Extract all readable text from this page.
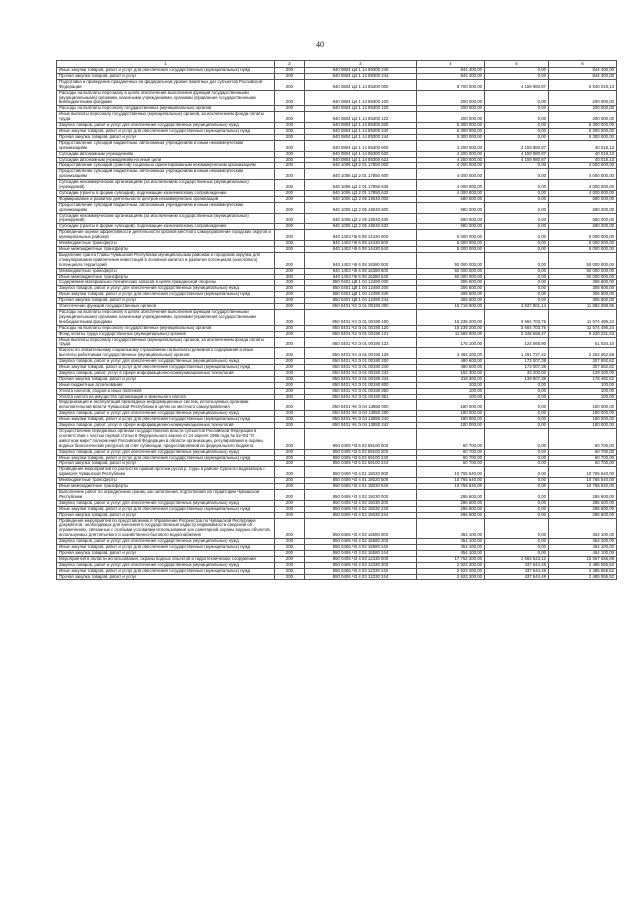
40
1	2	3	4	5	6
Иные закупки товаров, работ и услуг для обеспечения государственных (муниципальных) нужд	200	840 0804 Ц4 1 14 59300 240	844 400,00	0,00	844 400,00
Прочая закупка товаров, работ и услуг	200	840 0804 Ц4 1 14 59300 244	844 400,00	0,00	844 400,00
Подготовка и проведение праздничных на федеральном уровне памятных дат субъектов Российской Федерации	200	840 0804 Ц4 1 14 85300 000	9 700 000,00	4 159 980,87	5 540 019,13
Расходы на выплаты персоналу в целях обеспечения выполнения функций государственными (муниципальными) органами, казенными учреждениями, органами управления государственными внебюджетными фондами	200	840 0804 Ц4 1 14 85300 100	200 000,00	0,00	200 000,00
Расходы на выплаты персоналу государственных (муниципальных) органов	200	840 0804 Ц4 1 14 85300 120	200 000,00	0,00	200 000,00
Иные выплаты персоналу государственных (муниципальных) органов, за исключением фонда оплаты труда	200	840 0804 Ц4 1 14 85300 122	200 000,00	0,00	200 000,00
Закупка товаров, работ и услуг для обеспечения государственных (муниципальных) нужд	200	840 0804 Ц4 1 14 85300 200	5 300 000,00	0,00	5 300 000,00
Иные закупки товаров, работ и услуг для обеспечения государственных (муниципальных) нужд	200	840 0804 Ц4 1 14 85300 240	5 300 000,00	0,00	5 300 000,00
Прочая закупка товаров, работ и услуг	200	840 0804 Ц4 1 14 85300 244	5 300 000,00	0,00	5 300 000,00
Предоставление субсидий бюджетным, автономным учреждениям и иным некоммерческим организациям	200	840 0804 Ц4 1 14 85300 600	4 200 000,00	4 159 980,87	40 019,13
Субсидии автономным учреждениям	200	840 0804 Ц4 1 14 85300 620	4 200 000,00	4 159 980,87	40 019,13
Субсидии автономным учреждениям на иные цели	200	840 0804 Ц4 1 14 85300 622	4 200 000,00	4 159 980,87	40 019,13
Предоставление субсидий (грантов) социально ориентированным некоммерческим организациям	200	840 1006 Ц3 2 01 17850 000	4 000 000,00	0,00	4 000 000,00
Предоставление субсидий бюджетным, автономным учреждениям и иным некоммерческим организациям	200	840 1006 Ц3 2 01 17850 600	4 000 000,00	0,00	4 000 000,00
Субсидии некоммерческим организациям (за исключением государственных (муниципальных) учреждений)	200	840 1006 Ц3 2 01 17850 630	4 000 000,00	0,00	4 000 000,00
Субсидии (гранты в форме субсидий), подлежащие казначейскому сопровождению	200	840 1006 Ц3 2 01 17850 632	4 000 000,00	0,00	4 000 000,00
Формирование и развитие деятельности центров некоммерческих организаций	200	840 1006 Ц3 2 05 19040 000	680 000,00	0,00	680 000,00
Предоставление субсидий бюджетным, автономным учреждениям и иным некоммерческим организациям	200	840 1006 Ц3 2 05 19040 600	680 000,00	0,00	680 000,00
Субсидии некоммерческим организациям (за исключением государственных (муниципальных) учреждений)	200	840 1006 Ц3 2 05 19040 630	680 000,00	0,00	680 000,00
Субсидии (гранты в форме субсидий), подлежащие казначейскому сопровождению	200	840 1006 Ц3 2 05 19040 632	680 000,00	0,00	680 000,00
Проведение оценки эффективности деятельности органов местного самоуправления городских округов и муниципальных районов	200	840 1403 Ч5 6 08 14430 000	5 000 000,00	0,00	5 000 000,00
Межбюджетные трансферты	200	840 1403 Ч5 6 08 14430 500	5 000 000,00	0,00	5 000 000,00
Иные межбюджетные трансферты	200	840 1403 Ч5 6 08 14430 540	5 000 000,00	0,00	5 000 000,00
Выделение гранта Главы Чувашской Республики муниципальным районам и городским округам для стимулирования привлечения инвестиций в основной капитал и развития потенциала (налогового) потенциала территорий	200	840 1403 Ч5 6 08 16380 000	50 000 000,00	0,00	50 000 000,00
Межбюджетные трансферты	200	840 1403 Ч5 6 08 16380 500	50 000 000,00	0,00	50 000 000,00
Иные межбюджетные трансферты	200	840 1403 Ч5 6 08 16380 540	50 000 000,00	0,00	50 000 000,00
Содержание материально-технических запасов в целях гражданской обороны	200	850 0401 Ц8 1 04 12490 000	306 600,00	0,00	306 600,00
Закупка товаров, работ и услуг для обеспечения государственных (муниципальных) нужд	200	850 0401 Ц8 1 04 12490 200	306 600,00	0,00	306 600,00
Иные закупки товаров, работ и услуг для обеспечения государственных (муниципальных) нужд	200	850 0401 Ц8 1 04 12490 240	306 600,00	0,00	306 600,00
Прочая закупка товаров, работ и услуг	200	850 0401 Ц8 1 04 12490 244	306 600,00	0,00	306 600,00
Обеспечение функций государственных органов	200	850 0401 Ч3 Э 01 00190 000	15 719 900,00	3 837 801,14	11 882 098,86
Расходы на выплаты персоналу в целях обеспечения выполнения функций государственными (муниципальными) органами, казенными учреждениями, органами управления государственными внебюджетными фондами	200	850 0401 Ч3 Э 01 00190 100	15 239 200,00	3 664 703,76	11 574 496,24
Расходы на выплаты персоналу государственных (муниципальных) органов	200	850 0401 Ч3 Э 01 00190 120	15 239 200,00	3 664 703,76	11 574 496,24
Фонд оплаты труда государственных (муниципальных) органов	200	850 0401 Ч3 Э 01 00190 121	11 569 900,00	2 348 668,47	9 220 231,53
Иные выплаты персоналу государственных (муниципальных) органов, за исключением фонда оплаты труда	200	850 0401 Ч3 Э 01 00190 122	175 100,00	124 065,90	51 034,10
Взносы по обязательному социальному страхованию на выплаты денежного содержания и иные выплаты работникам государственных (муниципальных) органов	200	850 0401 Ч3 Э 01 00190 129	3 494 200,00	1 291 737,42	2 202 462,58
Закупка товаров, работ и услуг для обеспечения государственных (муниципальных) нужд	200	850 0401 Ч3 Э 01 00190 200	480 600,00	173 007,38	307 592,62
Иные закупки товаров, работ и услуг для обеспечения государственных (муниципальных) нужд	200	850 0401 Ч3 Э 01 00190 240	480 600,00	173 007,38	307 592,62
Закупка товаров, работ, услуг в сфере информационно-коммуникационных технологий	200	850 0401 Ч3 Э 01 00190 242	162 300,00	33 200,00	129 100,00
Прочая закупка товаров, работ и услуг	200	850 0401 Ч3 Э 01 00190 244	318 300,00	139 807,38	178 492,62
Иные бюджетные ассигнования	200	850 0401 Ч3 Э 01 00190 800	100,00	0,00	100,00
Уплата налогов, сборов и иных платежей	200	850 0401 Ч3 Э 01 00190 850	100,00	0,00	100,00
Уплата налога на имущество организаций и земельного налога	200	850 0401 Ч3 Э 01 00190 851	100,00	0,00	100,00
Модернизация и эксплуатация прикладных информационных систем, используемых органами исполнительной власти Чувашской Республики в целях их местного самоуправления	200	850 0401 Ч6 Э 04 13850 000	180 000,00	0,00	180 000,00
Закупка товаров, работ и услуг для обеспечения государственных (муниципальных) нужд	200	850 0401 Ч6 Э 04 13850 200	180 000,00	0,00	180 000,00
Иные закупки товаров, работ и услуг для обеспечения государственных (муниципальных) нужд	200	850 0401 Ч6 Э 04 13850 240	180 000,00	0,00	180 000,00
Закупка товаров, работ, услуг в сфере информационно-коммуникационных технологий	200	850 0401 Ч6 Э 04 13850 242	180 000,00	0,00	180 000,00
Осуществление переданных органам государственной власти субъектов Российской Федерации в соответствии с частью первой статьи 6 Федерального закона от 24 апреля 1995 года № 52-ФЗ "О животном мире" полномочий Российской Федерации в области организации, регулирования и охраны водных биологических ресурсов за счет субвенции, предоставляемой из федерального бюджета	200	850 0405 Ч3 5 02 59100 000	60 700,00	0,00	60 700,00
Закупка товаров, работ и услуг для обеспечения государственных (муниципальных) нужд	200	850 0405 Ч3 5 02 59100 200	60 700,00	0,00	60 700,00
Иные закупки товаров, работ и услуг для обеспечения государственных (муниципальных) нужд	200	850 0405 Ч3 5 02 59100 240	60 700,00	0,00	60 700,00
Прочая закупка товаров, работ и услуг	200	850 0405 Ч3 5 02 59100 244	60 700,00	0,00	60 700,00
Проведение мероприятий по расчистке правой протоки русла р. Суры в районе Сурского водозабора г. Шумерля Чувашской Республики	200	850 0406 Ч3 4 01 18020 000	10 765 540,00	0,00	10 765 540,00
Межбюджетные трансферты	200	850 0406 Ч3 4 01 18020 500	10 765 540,00	0,00	10 765 540,00
Иные межбюджетные трансферты	200	850 0406 Ч3 4 01 18020 540	10 765 540,00	0,00	10 765 540,00
Выполнение работ по определению границ зон затопления, подтопления на территории Чувашской Республики	200	850 0406 Ч3 4 02 15030 000	286 600,00	0,00	286 600,00
Закупка товаров, работ и услуг для обеспечения государственных (муниципальных) нужд	200	850 0406 Ч3 4 02 15030 200	286 600,00	0,00	286 600,00
Иные закупки товаров, работ и услуг для обеспечения государственных (муниципальных) нужд	200	850 0406 Ч3 4 02 15030 240	286 600,00	0,00	286 600,00
Прочая закупка товаров, работ и услуг	200	850 0406 Ч3 4 02 15030 244	286 600,00	0,00	286 600,00
Проведение мероприятий по представлению в Управление Росреестра по Чувашской Республике документов, необходимых для внесения в государственный кадастр недвижимости сведений об ограничениях, связанных с особыми условиями использования зон санитарной охраны водных объектов, используемых для питьевого и хозяйственно-бытового водоснабжения	200	850 0406 Ч3 4 02 16580 000	454 100,00	0,00	454 100,00
Закупка товаров, работ и услуг для обеспечения государственных (муниципальных) нужд	200	850 0406 Ч3 4 02 16580 200	454 100,00	0,00	454 100,00
Иные закупки товаров, работ и услуг для обеспечения государственных (муниципальных) нужд	200	850 0406 Ч3 4 02 16580 240	454 100,00	0,00	454 100,00
Прочая закупка товаров, работ и услуг	200	850 0406 Ч3 4 02 16580 244	454 100,00	0,00	454 100,00
Мероприятия в области использования, охраны водных объектов и гидротехнических сооружений	200	850 0406 Ч3 4 03 12330 000	17 752 200,00	2 684 543,12	15 067 656,88
Закупка товаров, работ и услуг для обеспечения государственных (муниципальных) нужд	200	850 0406 Ч3 4 03 12330 200	2 923 200,00	437 644,48	2 485 555,52
Иные закупки товаров, работ и услуг для обеспечения государственных (муниципальных) нужд	200	850 0406 Ч3 4 03 12330 240	2 923 200,00	437 644,48	2 485 555,52
Прочая закупка товаров, работ и услуг	200	850 0406 Ч3 4 03 12330 244	2 923 200,00	437 644,48	2 485 555,52
